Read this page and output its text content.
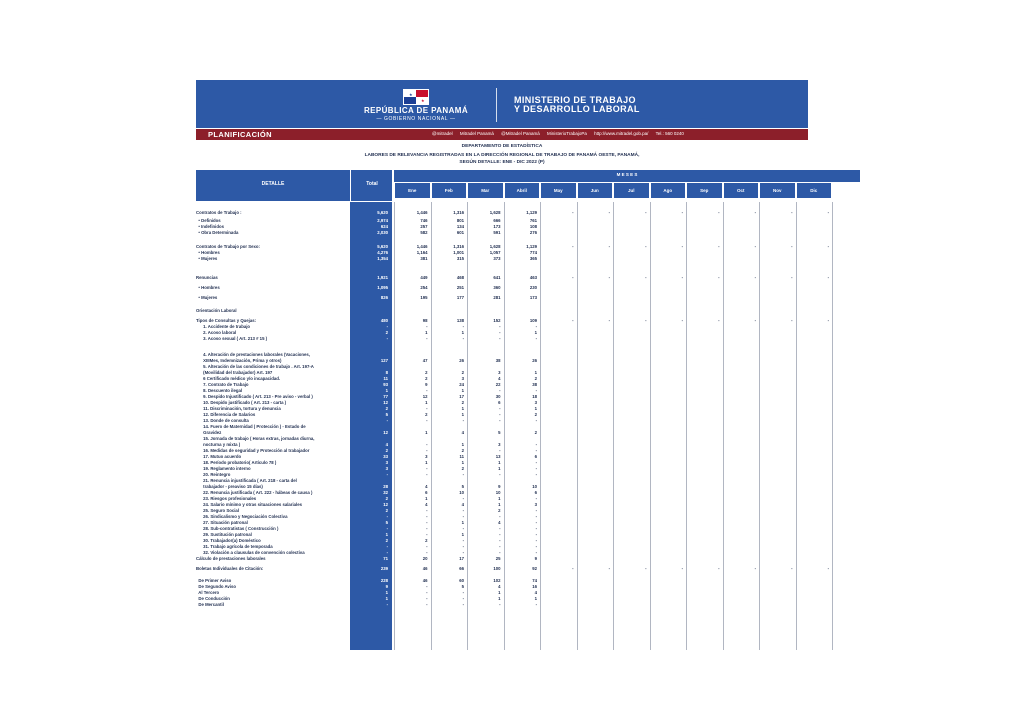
★
★
REPÚBLICA DE PANAMÁ
— GOBIERNO NACIONAL —
MINISTERIO DE TRABAJO
Y DESARROLLO LABORAL
PLANIFICACIÓN	@mitradel Mitradel Panamá @Mitradel Panamá MinisterioTrabajoPa http://www.mitradel.gob.pa/ Tel.: 560 0240
DEPARTAMENTO DE ESTADÍSTICA
LABORES DE RELEVANCIA REGISTRADAS EN LA DIRECCIÓN REGIONAL DE TRABAJO DE PANAMÁ OESTE, PANAMÁ,
SEGÚN DETALLE: ENE - DIC 2022 (P)
DETALLE	Total
M E S E S
Ene	Feb	Mar	Abril	May	Jun	Jul	Ago	Sep	Oct	Nov	Dic
Contratos de Trabajo :	5,620	1,446	1,316	1,628	1,129	-	-	-	-	-	-	-	-
• Definidos	2,974	746	801	666	761
• Indefinidos	624	257	134	173	108
• Obra Determinada	2,030	582	601	591	276
Contratos de Trabajo por Sexo:	5,620	1,446	1,316	1,628	1,129	-	-	-	-	-	-	-	-
• Hombres	4,276	1,164	1,001	1,057	774
• Mujeres	1,354	381	315	373	365
Renuncias	1,921	449	468	641	463	-	-	-	-	-	-	-	-
• Hombres	1,095	254	251	360	230
• Mujeres	826	195	177	281	173
Orientación Laboral
Tipos de Consultas y Quejas:	480	98	138	152	109	-	-	-	-	-	-	-	-
1. Accidente de trabajo	-	-	-	-	-
2. Acoso laboral	2	1	1	-	1
3. Acoso sexual ( Art. 213 # 15 )	-	-	-	-	-
4. Alteración de prestaciones laborales (Vacaciones,
XIIIMes, Indemnización, Prima y otros)	127	47	26	38	26
5. Alteración de las condiciones de trabajo . Art. 197-A
(Movilidad del trabajador) Art. 197	8	2	2	3	1
6 Certificado médico y/o incapacidad.	11	2	3	4	2
7. Contrato de Trabajo	93	9	24	22	38
8. Descuento ilegal	1	-	1	-	-
9. Despido Injustificado ( Art. 213 - Pre aviso - verbal )	77	12	17	30	18
10. Despido justificado ( Art. 213 - carta )	12	1	2	6	3
11. Discriminación, tortura y denuncia	2	-	1	-	1
12. Diferencia de Salarios	5	2	1	-	2
13. Donde de consulta	-	-	-	-	-
14. Fuero de Maternidad ( Protección ) - Estado de
Gravidez	12	1	4	5	2
15. Jornada de trabajo ( Horas extras, jornadas diurna,
nocturna y mixta )	4	-	1	3	-
16. Medidas de seguridad y Protección al trabajador	2	-	2	-	-
17. Mutuo acuerdo	33	3	11	13	6
18. Período probatorio( Artículo 78 )	3	1	1	1	-
19. Reglamento interno	3	-	2	1	-
20. Reintegro	-	-	-	-	-
21. Renuncia injustificada ( Art. 218 - carta del
trabajador - preaviso 15 días)	28	4	5	9	10
22. Renuncia justificada ( Art. 222 - hábeas de causa )	32	6	10	10	6
23. Riesgos profesionales	2	1	-	1	-
24. Salario mínimo y otras situaciones salariales	12	4	4	1	3
25. Seguro Social	2	-	-	2	-
26. Sindicalismo y Negociación Colectiva	-	-	-	-	-
27. Situación patronal	5	-	1	4	-
28. Sub-contratistas ( Construcción )	-	-	-	-	-
29. Sustitución patronal	1	-	1	-	-
30. Trabajador(a) Doméstico	2	2	-	-	-
31. Trabajo agrícola de temporada	-	-	-	-	-
32. Violación a clausulas de convención colectiva	-	-	-	-	-
Cálculo de prestaciones laborales	71	20	17	25	9
Boletas Individuales de Citación:	239	46	66	100	92	-	-	-	-	-	-	-	-
De Primer Aviso	228	46	60	102	74
De Segundo Aviso	9	-	5	4	16
Al Tercero	1	-	-	1	4
De Conducción	1	-	-	1	1
De Mercantil	-	-	-	-	-
